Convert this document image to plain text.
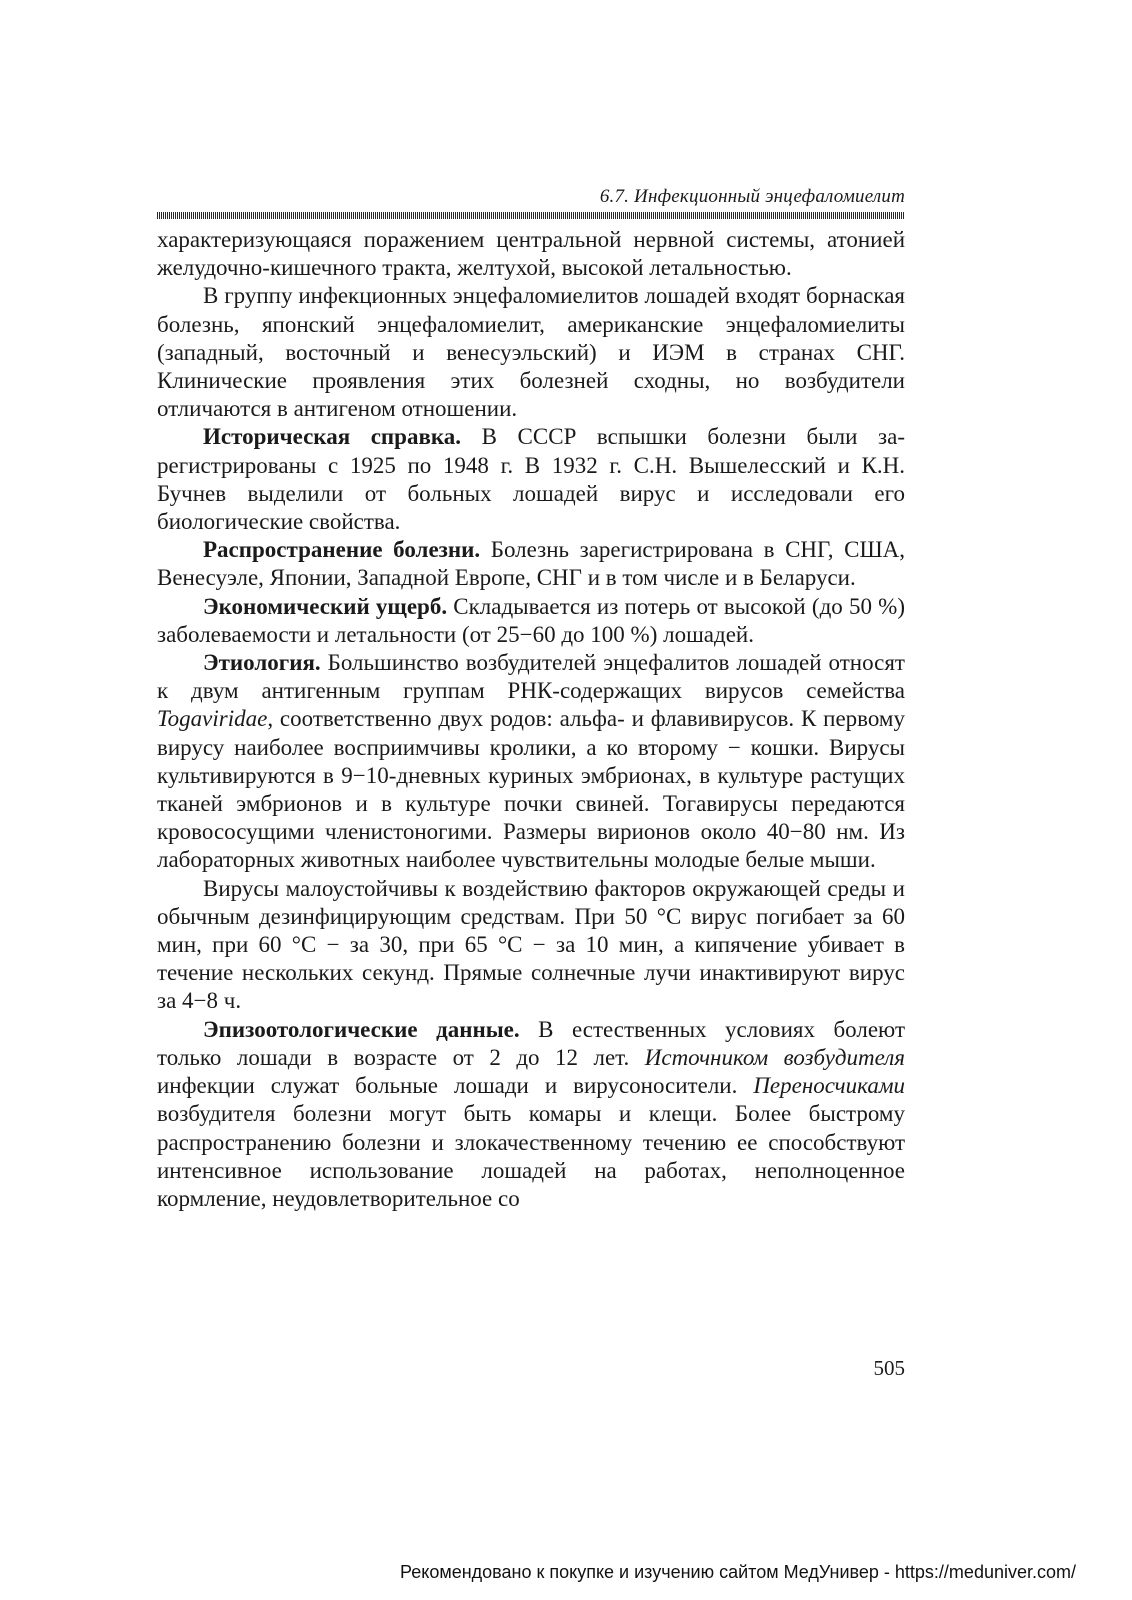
6.7. Инфекционный энцефаломиелит

характеризующаяся поражением центральной нервной системы, атонией желудочно-кишечного тракта, желтухой, высокой летальностью.

В группу инфекционных энцефаломиелитов лошадей входят борнаская болезнь, японский энцефаломиелит, американские энцефаломиелиты (западный, восточный и венесуэльский) и ИЭМ в странах СНГ. Клинические проявления этих болезней сходны, но возбудители отличаются в антигеном отношении.

Историческая справка. В СССР вспышки болезни были зарегистрированы с 1925 по 1948 г. В 1932 г. С.Н. Вышелесский и К.Н. Бучнев выделили от больных лошадей вирус и исследовали его биологические свойства.

Распространение болезни. Болезнь зарегистрирована в СНГ, США, Венесуэле, Японии, Западной Европе, СНГ и в том числе и в Беларуси.

Экономический ущерб. Складывается из потерь от высокой (до 50 %) заболеваемости и летальности (от 25−60 до 100 %) лошадей.

Этиология. Большинство возбудителей энцефалитов лошадей относят к двум антигенным группам РНК-содержащих вирусов семейства Togaviridae, соответственно двух родов: альфа- и флавивирусов. К первому вирусу наиболее восприимчивы кролики, а ко второму − кошки. Вирусы культивируются в 9−10-дневных куриных эмбрионах, в культуре растущих тканей эмбрионов и в культуре почки свиней. Тогавирусы передаются кровососущими членистоногими. Размеры вирионов около 40−80 нм. Из лабораторных животных наиболее чувствительны молодые белые мыши.

Вирусы малоустойчивы к воздействию факторов окружающей среды и обычным дезинфицирующим средствам. При 50 °С вирус погибает за 60 мин, при 60 °С − за 30, при 65 °С − за 10 мин, а кипячение убивает в течение нескольких секунд. Прямые солнечные лучи инактивируют вирус за 4−8 ч.

Эпизоотологические данные. В естественных условиях болеют только лошади в возрасте от 2 до 12 лет. Источником возбудителя инфекции служат больные лошади и вирусоносители. Переносчиками возбудителя болезни могут быть комары и клещи. Более быстрому распространению болезни и злокачественному течению ее способствуют интенсивное использование лошадей на работах, неполноценное кормление, неудовлетворительное со

505
Рекомендовано к покупке и изучению сайтом МедУнивер - https://meduniver.com/
